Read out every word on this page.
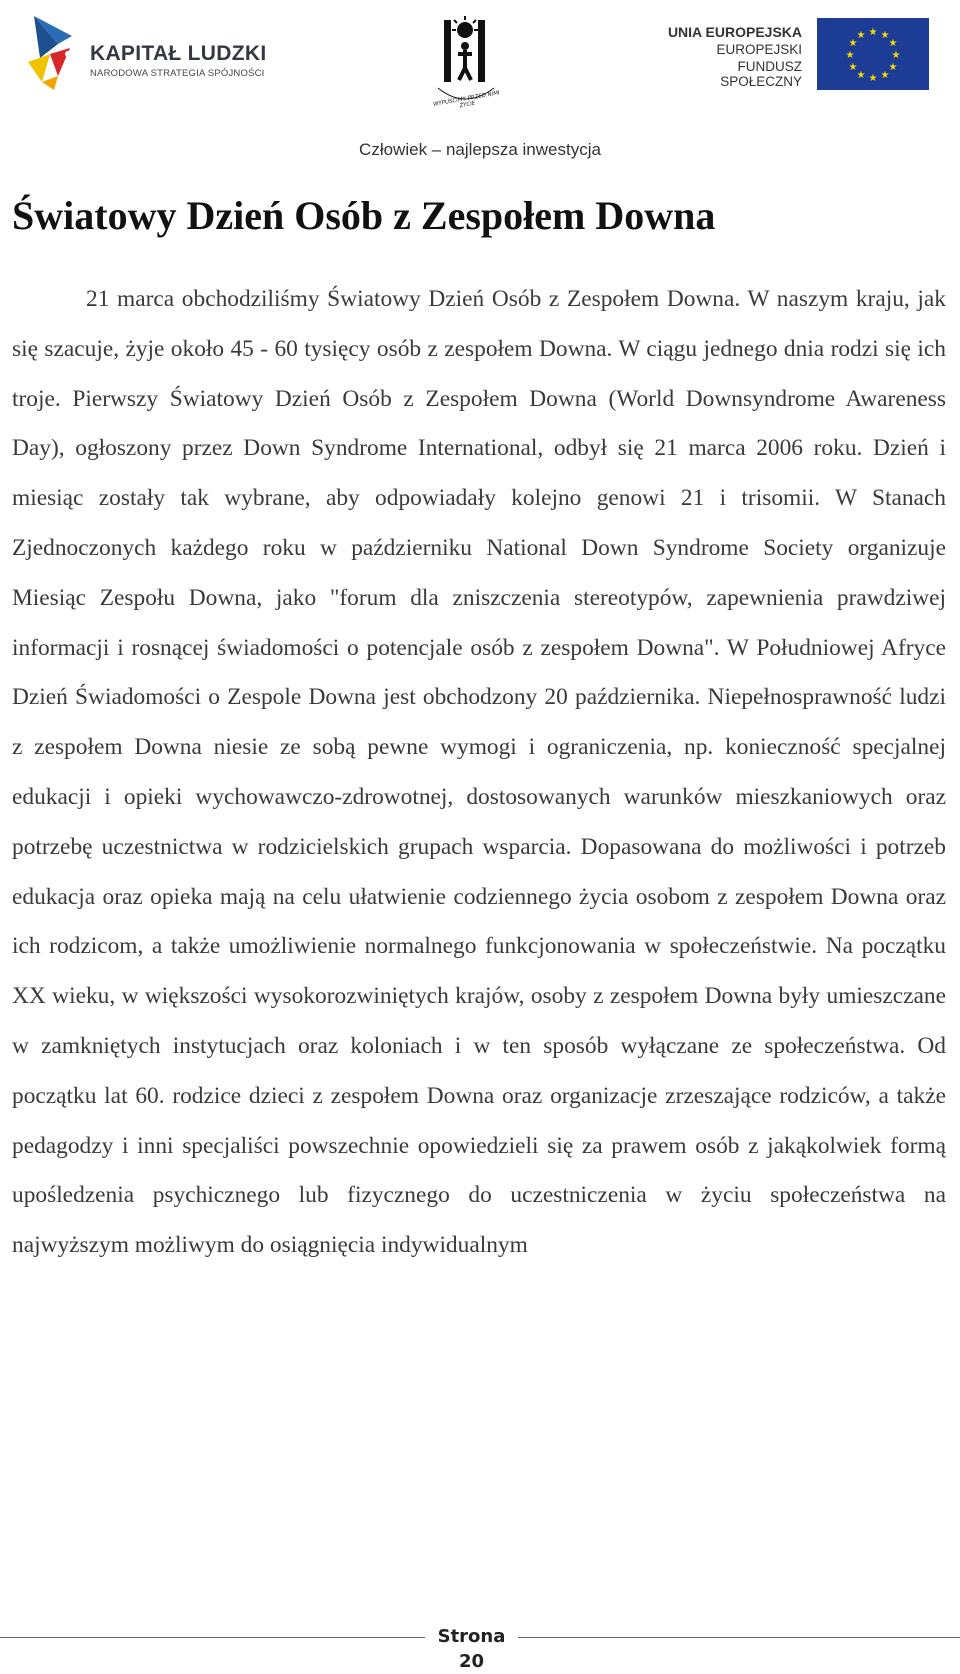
KAPITAŁ LUDZKI
NARODOWA STRATEGIA SPÓJNOŚCI
WYPUŚCIMY PRZED NIMI ŻYCIE
UNIA EUROPEJSKA
EUROPEJSKI
FUNDUSZ SPOŁECZNY
★ ★
★
★
★
★
★
★
★
★
★
★
Człowiek – najlepsza inwestycja
Światowy Dzień Osób z Zespołem Downa

21 marca obchodziliśmy Światowy Dzień Osób z Zespołem Downa. W naszym kraju, jak się szacuje, żyje około 45 - 60 tysięcy osób z zespołem Downa. W ciągu jednego dnia rodzi się ich troje. Pierwszy Światowy Dzień Osób z Zespołem Downa (World Downsyndrome Awareness Day), ogłoszony przez Down Syndrome International, odbył się 21 marca 2006 roku. Dzień i miesiąc zostały tak wybrane, aby odpowiadały kolejno genowi 21 i trisomii. W Stanach Zjednoczonych każdego roku w październiku National Down Syndrome Society organizuje Miesiąc Zespołu Downa, jako "forum dla zniszczenia stereotypów, zapewnienia prawdziwej informacji i rosnącej świadomości o potencjale osób z zespołem Downa". W Południowej Afryce Dzień Świadomości o Zespole Downa jest obchodzony 20 października. Niepełnosprawność ludzi z zespołem Downa niesie ze sobą pewne wymogi i ograniczenia, np. konieczność specjalnej edukacji i opieki wychowawczo-zdrowotnej, dostosowanych warunków mieszkaniowych oraz potrzebę uczestnictwa w rodzicielskich grupach wsparcia. Dopasowana do możliwości i potrzeb edukacja oraz opieka mają na celu ułatwienie codziennego życia osobom z zespołem Downa oraz ich rodzicom, a także umożliwienie normalnego funkcjonowania w społeczeństwie. Na początku XX wieku, w większości wysokorozwiniętych krajów, osoby z zespołem Downa były umieszczane w zamkniętych instytucjach oraz koloniach i w ten sposób wyłączane ze społeczeństwa. Od początku lat 60. rodzice dzieci z zespołem Downa oraz organizacje zrzeszające rodziców, a także pedagodzy i inni specjaliści powszechnie opowiedzieli się za prawem osób z jakąkolwiek formą upośledzenia psychicznego lub fizycznego do uczestniczenia w życiu społeczeństwa na najwyższym możliwym do osiągnięcia indywidualnym

Strona
20
